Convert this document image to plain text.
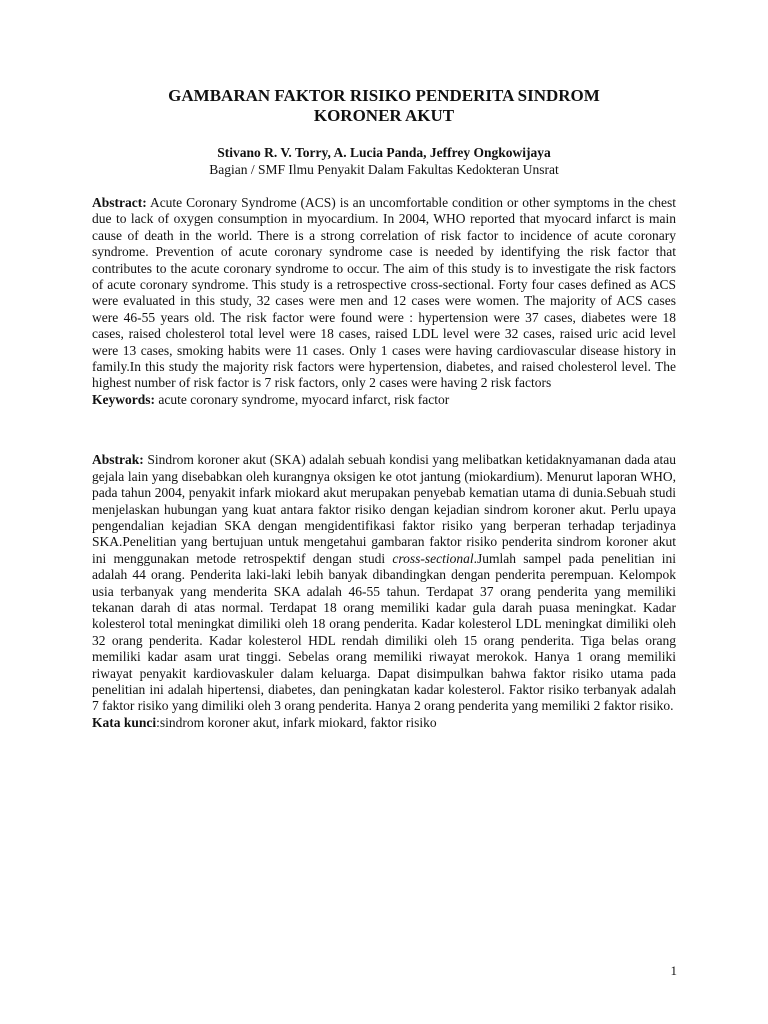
GAMBARAN FAKTOR RISIKO PENDERITA SINDROM
KORONER AKUT

Stivano R. V. Torry, A. Lucia Panda, Jeffrey Ongkowijaya

Bagian / SMF Ilmu Penyakit Dalam Fakultas Kedokteran Unsrat

Abstract: Acute Coronary Syndrome (ACS) is an uncomfortable condition or other symptoms in the chest due to lack of oxygen consumption in myocardium. In 2004, WHO reported that myocard infarct is main cause of death in the world. There is a strong correlation of risk factor to incidence of acute coronary syndrome. Prevention of acute coronary syndrome case is needed by identifying the risk factor that contributes to the acute coronary syndrome to occur. The aim of this study is to investigate the risk factors of acute coronary syndrome. This study is a retrospective cross-sectional. Forty four cases defined as ACS were evaluated in this study, 32 cases were men and 12 cases were women. The majority of ACS cases were 46-55 years old. The risk factor were found were : hypertension were 37 cases, diabetes were 18 cases, raised cholesterol total level were 18 cases, raised LDL level were 32 cases, raised uric acid level were 13 cases, smoking habits were 11 cases. Only 1 cases were having cardiovascular disease history in family.In this study the majority risk factors were hypertension, diabetes, and raised cholesterol level. The highest number of risk factor is 7 risk factors, only 2 cases were having 2 risk factors

Keywords: acute coronary syndrome, myocard infarct, risk factor

Abstrak: Sindrom koroner akut (SKA) adalah sebuah kondisi yang melibatkan ketidaknyamanan dada atau gejala lain yang disebabkan oleh kurangnya oksigen ke otot jantung (miokardium). Menurut laporan WHO, pada tahun 2004, penyakit infark miokard akut merupakan penyebab kematian utama di dunia.Sebuah studi menjelaskan hubungan yang kuat antara faktor risiko dengan kejadian sindrom koroner akut. Perlu upaya pengendalian kejadian SKA dengan mengidentifikasi faktor risiko yang berperan terhadap terjadinya SKA.Penelitian yang bertujuan untuk mengetahui gambaran faktor risiko penderita sindrom koroner akut ini menggunakan metode retrospektif dengan studi cross-sectional.Jumlah sampel pada penelitian ini adalah 44 orang. Penderita laki-laki lebih banyak dibandingkan dengan penderita perempuan. Kelompok usia terbanyak yang menderita SKA adalah 46-55 tahun. Terdapat 37 orang penderita yang memiliki tekanan darah di atas normal. Terdapat 18 orang memiliki kadar gula darah puasa meningkat. Kadar kolesterol total meningkat dimiliki oleh 18 orang penderita. Kadar kolesterol LDL meningkat dimiliki oleh 32 orang penderita. Kadar kolesterol HDL rendah dimiliki oleh 15 orang penderita. Tiga belas orang memiliki kadar asam urat tinggi. Sebelas orang memiliki riwayat merokok. Hanya 1 orang memiliki riwayat penyakit kardiovaskuler dalam keluarga. Dapat disimpulkan bahwa faktor risiko utama pada penelitian ini adalah hipertensi, diabetes, dan peningkatan kadar kolesterol. Faktor risiko terbanyak adalah 7 faktor risiko yang dimiliki oleh 3 orang penderita. Hanya 2 orang penderita yang memiliki 2 faktor risiko.

Kata kunci:sindrom koroner akut, infark miokard, faktor risiko

1
